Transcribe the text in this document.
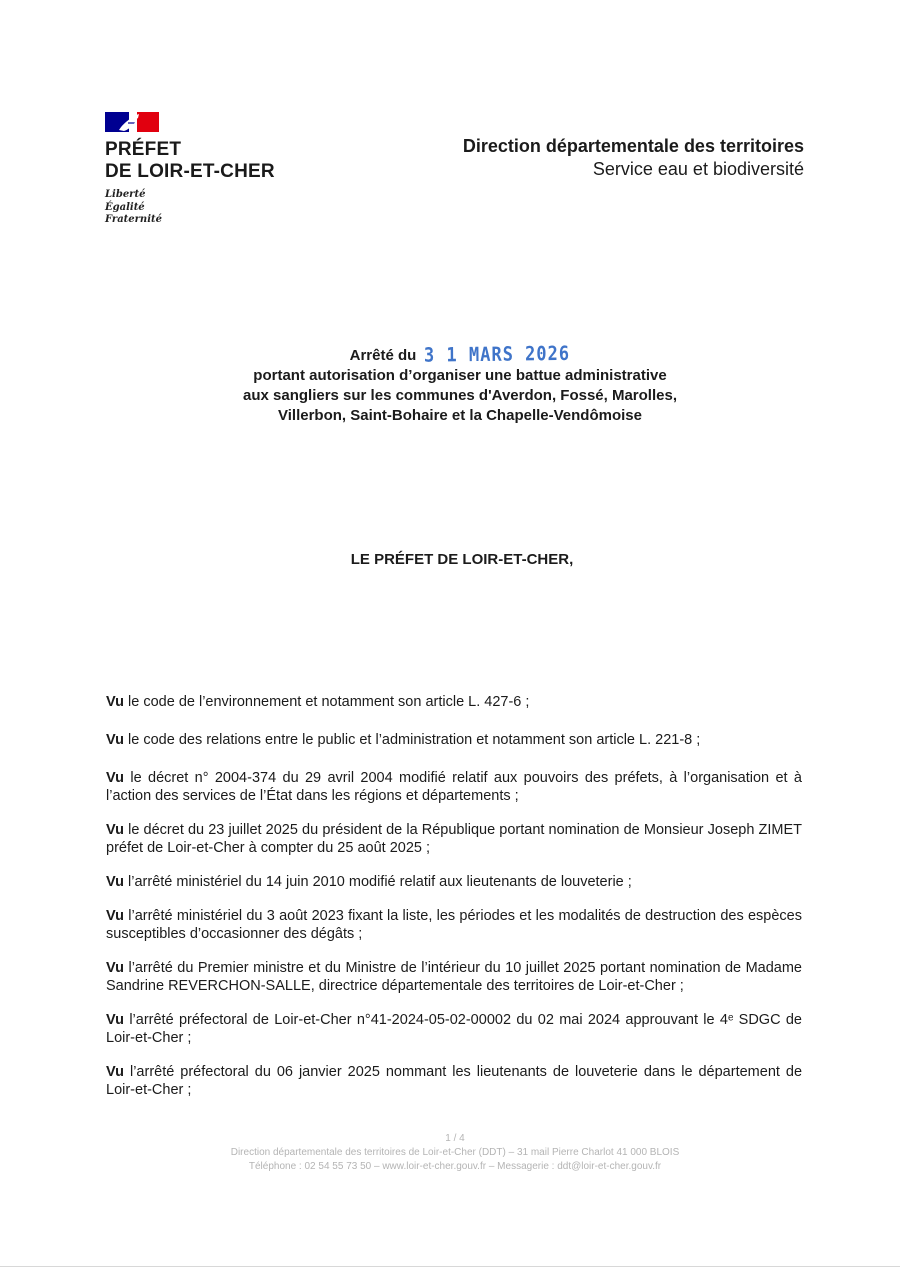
PRÉFET
DE LOIR-ET-CHER
Liberté
Égalité
Fraternité
Direction départementale des territoires
Service eau et biodiversité
Arrêté du 3 1 MARS 2026
portant autorisation d’organiser une battue administrative
aux sangliers sur les communes d'Averdon, Fossé, Marolles,
Villerbon, Saint-Bohaire et la Chapelle-Vendômoise
LE PRÉFET DE LOIR-ET-CHER,

Vu le code de l’environnement et notamment son article L. 427-6 ;

Vu le code des relations entre le public et l’administration et notamment son article L. 221-8 ;

Vu le décret n° 2004-374 du 29 avril 2004 modifié relatif aux pouvoirs des préfets, à l’organisation et à l’action des services de l’État dans les régions et départements ;

Vu le décret du 23 juillet 2025 du président de la République portant nomination de Monsieur Joseph ZIMET préfet de Loir-et-Cher à compter du 25 août 2025 ;

Vu l’arrêté ministériel du 14 juin 2010 modifié relatif aux lieutenants de louveterie ;

Vu l’arrêté ministériel du 3 août 2023 fixant la liste, les périodes et les modalités de destruction des espèces susceptibles d’occasionner des dégâts ;

Vu l’arrêté du Premier ministre et du Ministre de l’intérieur du 10 juillet 2025 portant nomination de Madame Sandrine REVERCHON-SALLE, directrice départementale des territoires de Loir-et-Cher ;

Vu l’arrêté préfectoral de Loir-et-Cher n°41-2024-05-02-00002 du 02 mai 2024 approuvant le 4ᵉ SDGC de Loir-et-Cher ;

Vu l’arrêté préfectoral du 06 janvier 2025 nommant les lieutenants de louveterie dans le département de Loir-et-Cher ;

1 / 4
Direction départementale des territoires de Loir-et-Cher (DDT) – 31 mail Pierre Charlot 41 000 BLOIS
Téléphone : 02 54 55 73 50 – www.loir-et-cher.gouv.fr – Messagerie : ddt@loir-et-cher.gouv.fr
